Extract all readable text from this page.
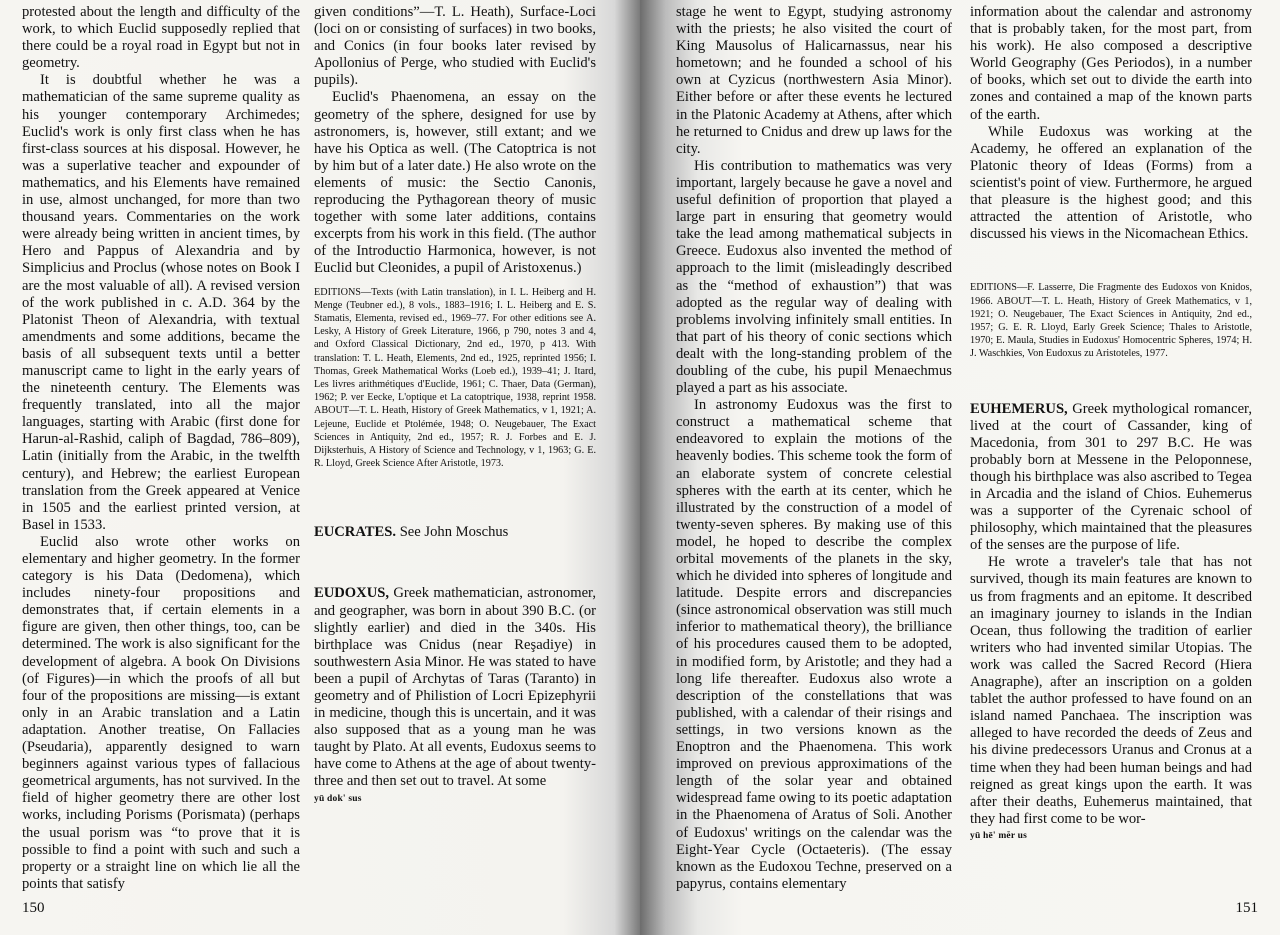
protested about the length and difficulty of the work, to which Euclid supposedly replied that there could be a royal road in Egypt but not in geometry.

It is doubtful whether he was a mathematician of the same supreme quality as his younger contemporary Archimedes; Euclid's work is only first class when he has first-class sources at his disposal. However, he was a superlative teacher and expounder of mathematics, and his Elements have remained in use, almost unchanged, for more than two thousand years. Commentaries on the work were already being written in ancient times, by Hero and Pappus of Alexandria and by Simplicius and Proclus (whose notes on Book I are the most valuable of all). A revised version of the work published in c. A.D. 364 by the Platonist Theon of Alexandria, with textual amendments and some additions, became the basis of all subsequent texts until a better manuscript came to light in the early years of the nineteenth century. The Elements was frequently translated, into all the major languages, starting with Arabic (first done for Harun-al-Rashid, caliph of Bagdad, 786–809), Latin (initially from the Arabic, in the twelfth century), and Hebrew; the earliest European translation from the Greek appeared at Venice in 1505 and the earliest printed version, at Basel in 1533.

Euclid also wrote other works on elementary and higher geometry. In the former category is his Data (Dedomena), which includes ninety-four propositions and demonstrates that, if certain elements in a figure are given, then other things, too, can be determined. The work is also significant for the development of algebra. A book On Divisions (of Figures)—in which the proofs of all but four of the propositions are missing—is extant only in an Arabic translation and a Latin adaptation. Another treatise, On Fallacies (Pseudaria), apparently designed to warn beginners against various types of fallacious geometrical arguments, has not survived. In the field of higher geometry there are other lost works, including Porisms (Porismata) (perhaps the usual porism was “to prove that it is possible to find a point with such and such a property or a straight line on which lie all the points that satisfy

given conditions”—T. L. Heath), Surface-Loci (loci on or consisting of surfaces) in two books, and Conics (in four books later revised by Apollonius of Perge, who studied with Euclid's pupils).

Euclid's Phaenomena, an essay on the geometry of the sphere, designed for use by astronomers, is, however, still extant; and we have his Optica as well. (The Catoptrica is not by him but of a later date.) He also wrote on the elements of music: the Sectio Canonis, reproducing the Pythagorean theory of music together with some later additions, contains excerpts from his work in this field. (The author of the Introductio Harmonica, however, is not Euclid but Cleonides, a pupil of Aristoxenus.)

EDITIONS—Texts (with Latin translation), in I. L. Heiberg and H. Menge (Teubner ed.), 8 vols., 1883–1916; I. L. Heiberg and E. S. Stamatis, Elementa, revised ed., 1969–77. For other editions see A. Lesky, A History of Greek Literature, 1966, p 790, notes 3 and 4, and Oxford Classical Dictionary, 2nd ed., 1970, p 413. With translation: T. L. Heath, Elements, 2nd ed., 1925, reprinted 1956; I. Thomas, Greek Mathematical Works (Loeb ed.), 1939–41; J. Itard, Les livres arithmétiques d'Euclide, 1961; C. Thaer, Data (German), 1962; P. ver Eecke, L'optique et La catoptrique, 1938, reprint 1958. ABOUT—T. L. Heath, History of Greek Mathematics, v 1, 1921; A. Lejeune, Euclide et Ptolémée, 1948; O. Neugebauer, The Exact Sciences in Antiquity, 2nd ed., 1957; R. J. Forbes and E. J. Dijksterhuis, A History of Science and Technology, v 1, 1963; G. E. R. Lloyd, Greek Science After Aristotle, 1973.

EUCRATES. See John Moschus

EUDOXUS, Greek mathematician, astronomer, and geographer, was born in about 390 B.C. (or slightly earlier) and died in the 340s. His birthplace was Cnidus (near Reşadiye) in southwestern Asia Minor. He was stated to have been a pupil of Archytas of Taras (Taranto) in geometry and of Philistion of Locri Epizephyrii in medicine, though this is uncertain, and it was also supposed that as a young man he was taught by Plato. At all events, Eudoxus seems to have come to Athens at the age of about twenty-three and then set out to travel. At some

yū dok' sus

150

stage he went to Egypt, studying astronomy with the priests; he also visited the court of King Mausolus of Halicarnassus, near his hometown; and he founded a school of his own at Cyzicus (northwestern Asia Minor). Either before or after these events he lectured in the Platonic Academy at Athens, after which he returned to Cnidus and drew up laws for the city.

His contribution to mathematics was very important, largely because he gave a novel and useful definition of proportion that played a large part in ensuring that geometry would take the lead among mathematical subjects in Greece. Eudoxus also invented the method of approach to the limit (misleadingly described as the “method of exhaustion”) that was adopted as the regular way of dealing with problems involving infinitely small entities. In that part of his theory of conic sections which dealt with the long-standing problem of the doubling of the cube, his pupil Menaechmus played a part as his associate.

In astronomy Eudoxus was the first to construct a mathematical scheme that endeavored to explain the motions of the heavenly bodies. This scheme took the form of an elaborate system of concrete celestial spheres with the earth at its center, which he illustrated by the construction of a model of twenty-seven spheres. By making use of this model, he hoped to describe the complex orbital movements of the planets in the sky, which he divided into spheres of longitude and latitude. Despite errors and discrepancies (since astronomical observation was still much inferior to mathematical theory), the brilliance of his procedures caused them to be adopted, in modified form, by Aristotle; and they had a long life thereafter. Eudoxus also wrote a description of the constellations that was published, with a calendar of their risings and settings, in two versions known as the Enoptron and the Phaenomena. This work improved on previous approximations of the length of the solar year and obtained widespread fame owing to its poetic adaptation in the Phaenomena of Aratus of Soli. Another of Eudoxus' writings on the calendar was the Eight-Year Cycle (Octaeteris). (The essay known as the Eudoxou Techne, preserved on a papyrus, contains elementary

information about the calendar and astronomy that is probably taken, for the most part, from his work). He also composed a descriptive World Geography (Ges Periodos), in a number of books, which set out to divide the earth into zones and contained a map of the known parts of the earth.

While Eudoxus was working at the Academy, he offered an explanation of the Platonic theory of Ideas (Forms) from a scientist's point of view. Furthermore, he argued that pleasure is the highest good; and this attracted the attention of Aristotle, who discussed his views in the Nicomachean Ethics.

EDITIONS—F. Lasserre, Die Fragmente des Eudoxos von Knidos, 1966. ABOUT—T. L. Heath, History of Greek Mathematics, v 1, 1921; O. Neugebauer, The Exact Sciences in Antiquity, 2nd ed., 1957; G. E. R. Lloyd, Early Greek Science; Thales to Aristotle, 1970; E. Maula, Studies in Eudoxus' Homocentric Spheres, 1974; H. J. Waschkies, Von Eudoxus zu Aristoteles, 1977.

EUHEMERUS, Greek mythological romancer, lived at the court of Cassander, king of Macedonia, from 301 to 297 B.C. He was probably born at Messene in the Peloponnese, though his birthplace was also ascribed to Tegea in Arcadia and the island of Chios. Euhemerus was a supporter of the Cyrenaic school of philosophy, which maintained that the pleasures of the senses are the purpose of life.

He wrote a traveler's tale that has not survived, though its main features are known to us from fragments and an epitome. It described an imaginary journey to islands in the Indian Ocean, thus following the tradition of earlier writers who had invented similar Utopias. The work was called the Sacred Record (Hiera Anagraphe), after an inscription on a golden tablet the author professed to have found on an island named Panchaea. The inscription was alleged to have recorded the deeds of Zeus and his divine predecessors Uranus and Cronus at a time when they had been human beings and had reigned as great kings upon the earth. It was after their deaths, Euhemerus maintained, that they had first come to be wor-

yū hē' mĕr us

151
